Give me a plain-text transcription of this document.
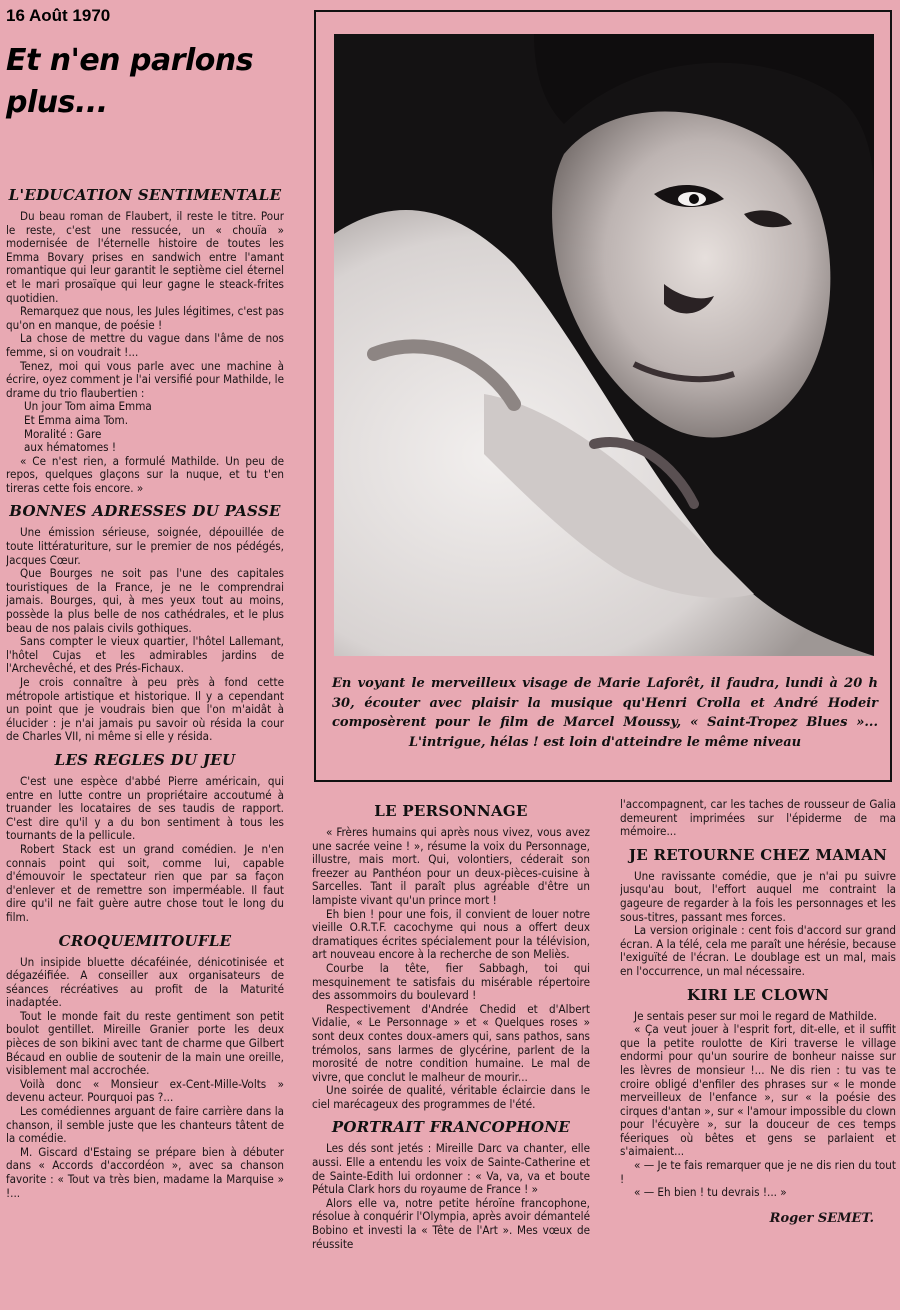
16 Août 1970
Et n'en parlons plus...
L'EDUCATION SENTIMENTALE

Du beau roman de Flaubert, il reste le titre. Pour le reste, c'est une ressucée, un « chouïa » modernisée de l'éternelle histoire de toutes les Emma Bovary prises en sandwich entre l'amant romantique qui leur garantit le septième ciel éternel et le mari prosaïque qui leur gagne le steack-frites quotidien.

Remarquez que nous, les Jules légitimes, c'est pas qu'on en manque, de poésie !

La chose de mettre du vague dans l'âme de nos femme, si on voudrait !...

Tenez, moi qui vous parle avec une machine à écrire, oyez comment je l'ai versifié pour Mathilde, le drame du trio flaubertien :

Un jour Tom aima Emma

Et Emma aima Tom.

Moralité : Gare

aux hématomes !

« Ce n'est rien, a formulé Mathilde. Un peu de repos, quelques glaçons sur la nuque, et tu t'en tireras cette fois encore. »

BONNES ADRESSES DU PASSE

Une émission sérieuse, soignée, dépouillée de toute littératuriture, sur le premier de nos pédégés, Jacques Cœur.

Que Bourges ne soit pas l'une des capitales touristiques de la France, je ne le comprendrai jamais. Bourges, qui, à mes yeux tout au moins, possède la plus belle de nos cathédrales, et le plus beau de nos palais civils gothiques.

Sans compter le vieux quartier, l'hôtel Lallemant, l'hôtel Cujas et les admirables jardins de l'Archevêché, et des Prés-Fichaux.

Je crois connaître à peu près à fond cette métropole artistique et historique. Il y a cependant un point que je voudrais bien que l'on m'aidât à élucider : je n'ai jamais pu savoir où résida la cour de Charles VII, ni même si elle y résida.

LES REGLES DU JEU

C'est une espèce d'abbé Pierre américain, qui entre en lutte contre un propriétaire accoutumé à truander les locataires de ses taudis de rapport. C'est dire qu'il y a du bon sentiment à tous les tournants de la pellicule.

Robert Stack est un grand comédien. Je n'en connais point qui soit, comme lui, capable d'émouvoir le spectateur rien que par sa façon d'enlever et de remettre son imperméable. Il faut dire qu'il ne fait guère autre chose tout le long du film.

CROQUEMITOUFLE

Un insipide bluette décaféinée, dénicotinisée et dégazéifiée. A conseiller aux organisateurs de séances récréatives au profit de la Maturité inadaptée.

Tout le monde fait du reste gentiment son petit boulot gentillet. Mireille Granier porte les deux pièces de son bikini avec tant de charme que Gilbert Bécaud en oublie de soutenir de la main une oreille, visiblement mal accrochée.

Voilà donc « Monsieur ex-Cent-Mille-Volts » devenu acteur. Pourquoi pas ?...

Les comédiennes arguant de faire carrière dans la chanson, il semble juste que les chanteurs tâtent de la comédie.

M. Giscard d'Estaing se prépare bien à débuter dans « Accords d'accordéon », avec sa chanson favorite : « Tout va très bien, madame la Marquise » !...

En voyant le merveilleux visage de Marie Laforêt, il faudra, lundi à 20 h 30, écouter avec plaisir la musique qu'Henri Crolla et André Hodeir composèrent pour le film de Marcel Moussy, « Saint-Tropez Blues »... L'intrigue, hélas ! est loin d'atteindre le même niveau
LE PERSONNAGE

« Frères humains qui après nous vivez, vous avez une sacrée veine ! », résume la voix du Personnage, illustre, mais mort. Qui, volontiers, céderait son freezer au Panthéon pour un deux-pièces-cuisine à Sarcelles. Tant il paraît plus agréable d'être un lampiste vivant qu'un prince mort !

Eh bien ! pour une fois, il convient de louer notre vieille O.R.T.F. cacochyme qui nous a offert deux dramatiques écrites spécialement pour la télévision, art nouveau encore à la recherche de son Meliès.

Courbe la tête, fier Sabbagh, toi qui mesquinement te satisfais du misérable répertoire des assommoirs du boulevard !

Respectivement d'Andrée Chedid et d'Albert Vidalie, « Le Personnage » et « Quelques roses » sont deux contes doux-amers qui, sans pathos, sans trémolos, sans larmes de glycérine, parlent de la morosité de notre condition humaine. Le mal de vivre, que conclut le malheur de mourir...

Une soirée de qualité, véritable éclaircie dans le ciel marécageux des programmes de l'été.

PORTRAIT FRANCOPHONE

Les dés sont jetés : Mireille Darc va chanter, elle aussi. Elle a entendu les voix de Sainte-Catherine et de Sainte-Edith lui ordonner : « Va, va, va et boute Pétula Clark hors du royaume de France ! »

Alors elle va, notre petite héroïne francophone, résolue à conquérir l'Olympia, après avoir démantelé Bobino et investi la « Tête de l'Art ». Mes vœux de réussite

l'accompagnent, car les taches de rousseur de Galia demeurent imprimées sur l'épiderme de ma mémoire...

JE RETOURNE CHEZ MAMAN

Une ravissante comédie, que je n'ai pu suivre jusqu'au bout, l'effort auquel me contraint la gageure de regarder à la fois les personnages et les sous-titres, passant mes forces.

La version originale : cent fois d'accord sur grand écran. A la télé, cela me paraît une hérésie, because l'exiguïté de l'écran. Le doublage est un mal, mais en l'occurrence, un mal nécessaire.

KIRI LE CLOWN

Je sentais peser sur moi le regard de Mathilde.

« Ça veut jouer à l'esprit fort, dit-elle, et il suffit que la petite roulotte de Kiri traverse le village endormi pour qu'un sourire de bonheur naisse sur les lèvres de monsieur !... Ne dis rien : tu vas te croire obligé d'enfiler des phrases sur « le monde merveilleux de l'enfance », sur « la poésie des cirques d'antan », sur « l'amour impossible du clown pour l'écuyère », sur la douceur de ces temps féeriques où bêtes et gens se parlaient et s'aimaient...

« — Je te fais remarquer que je ne dis rien du tout !

« — Eh bien ! tu devrais !... »

Roger SEMET.
